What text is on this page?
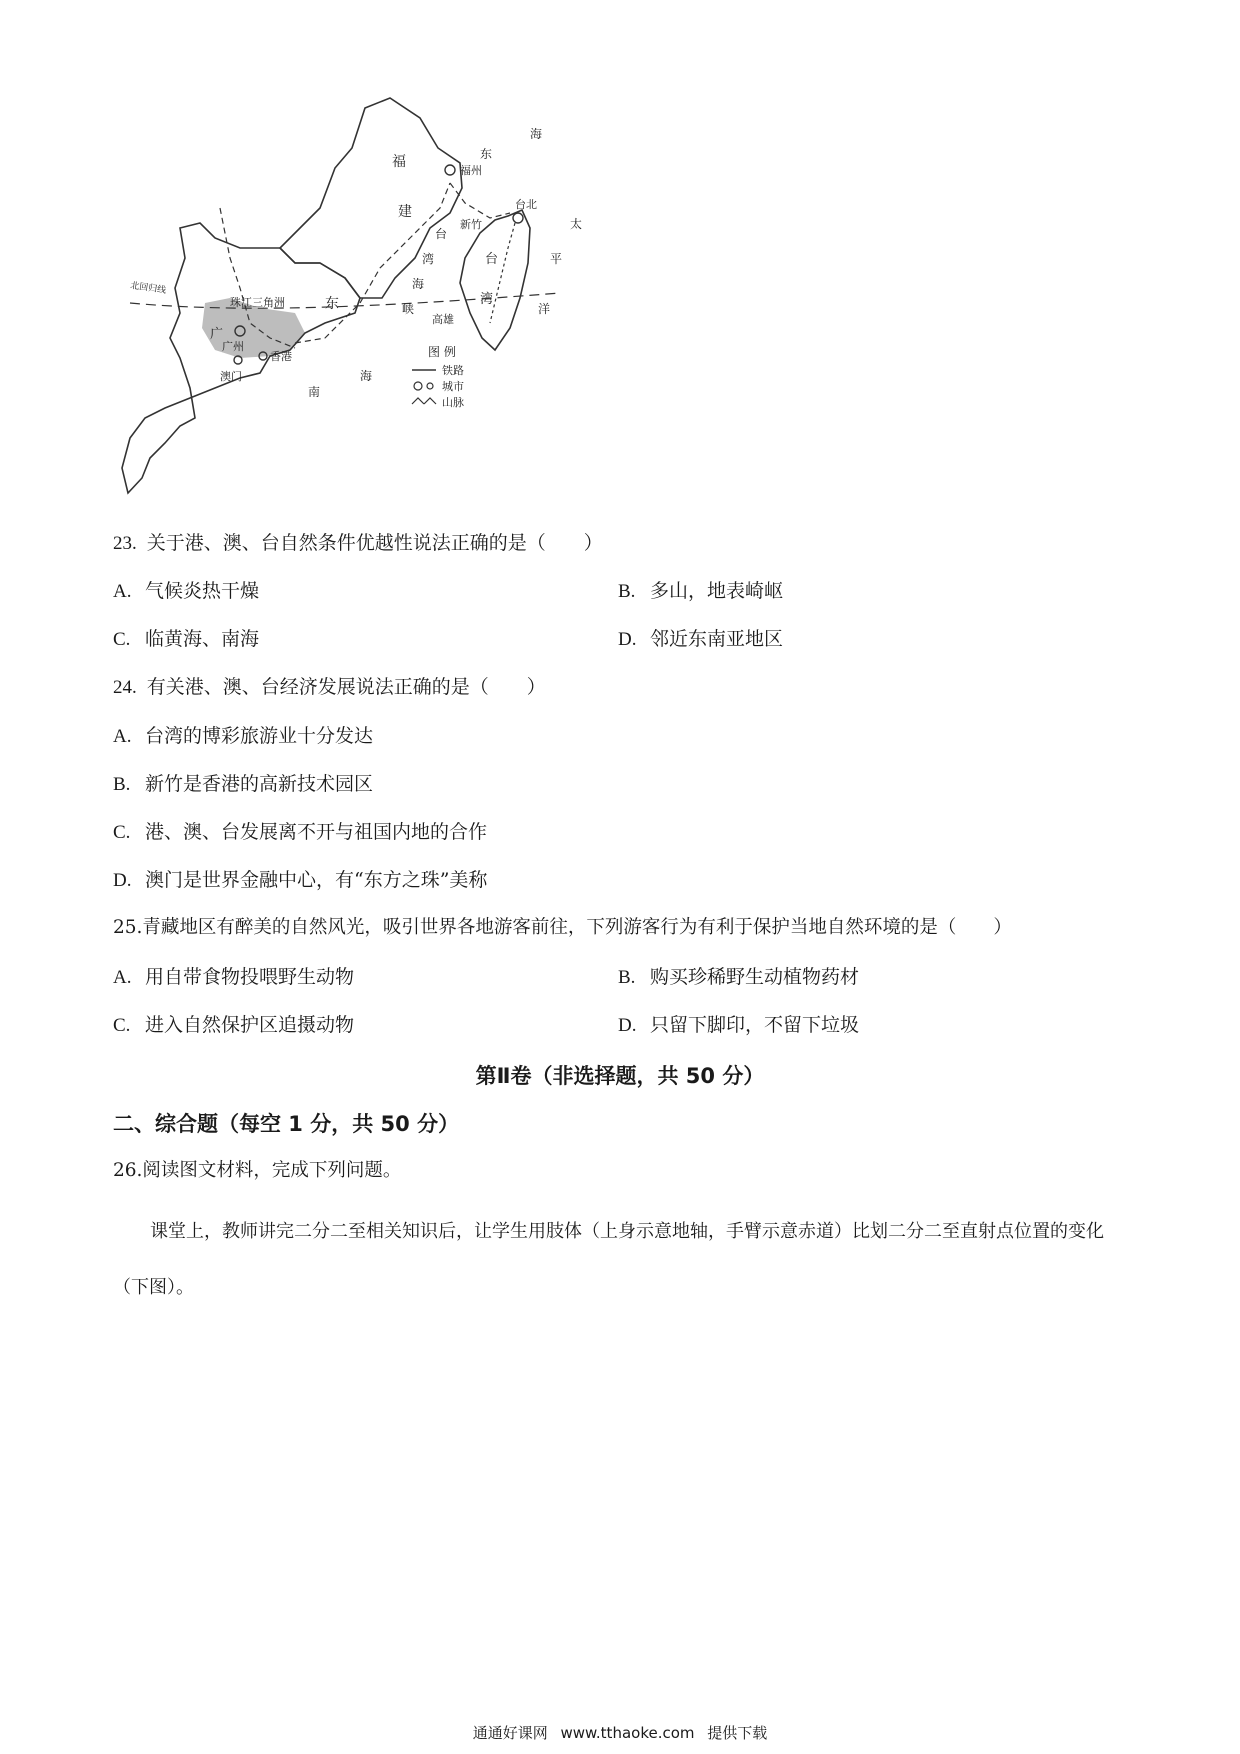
福
建
福州
东
海
台北
新竹
台
湾
台
湾
海
峡
太
平
洋
北回归线
珠江三角洲	东
广
广州
香港
澳门
南
海
高雄
图 例
铁路
城市
山脉
23. 关于港、澳、台自然条件优越性说法正确的是（　　）
A. 气候炎热干燥	B. 多山，地表崎岖
C. 临黄海、南海	D. 邻近东南亚地区
24. 有关港、澳、台经济发展说法正确的是（　　）
A. 台湾的博彩旅游业十分发达
B. 新竹是香港的高新技术园区
C. 港、澳、台发展离不开与祖国内地的合作
D. 澳门是世界金融中心，有“东方之珠”美称
25.青藏地区有醉美的自然风光，吸引世界各地游客前往，下列游客行为有利于保护当地自然环境的是（　　）
A. 用自带食物投喂野生动物	B. 购买珍稀野生动植物药材
C. 进入自然保护区追摄动物	D. 只留下脚印，不留下垃圾
第Ⅱ卷（非选择题，共 50 分）
二、综合题（每空 1 分，共 50 分）
26.阅读图文材料，完成下列问题。
课堂上，教师讲完二分二至相关知识后，让学生用肢体（上身示意地轴，手臂示意赤道）比划二分二至直射点位置的变化（下图）。
通通好课网 www.tthaoke.com 提供下载
